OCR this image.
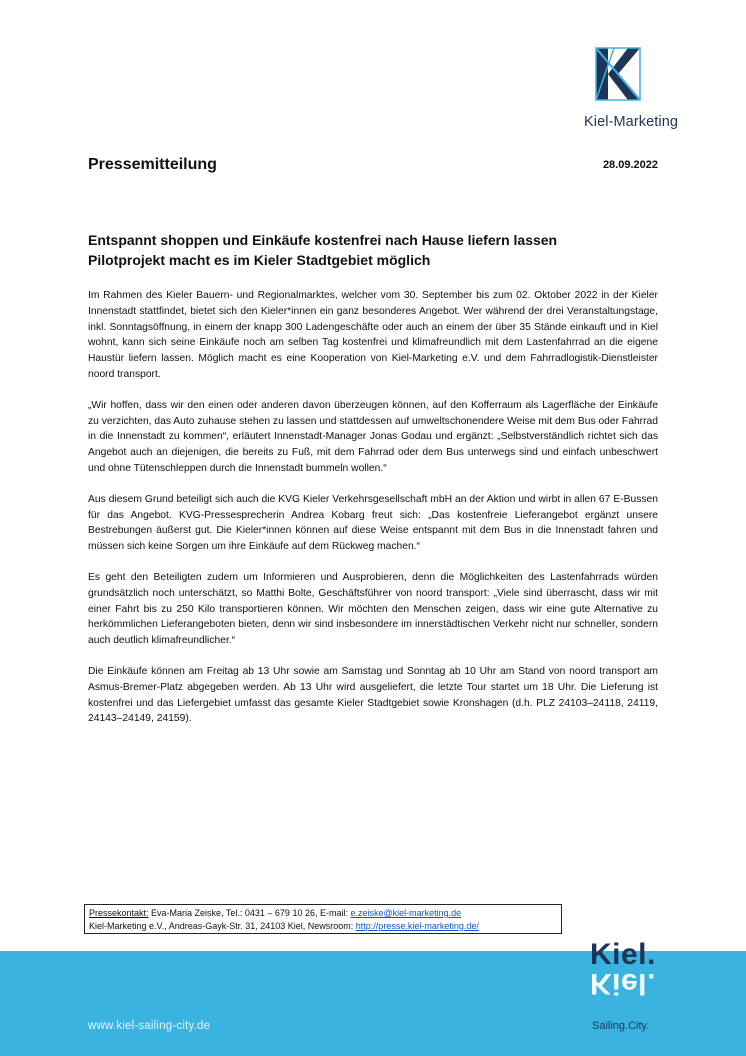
Kiel-Marketing
Pressemitteilung	28.09.2022
Entspannt shoppen und Einkäufe kostenfrei nach Hause liefern lassen
Pilotprojekt macht es im Kieler Stadtgebiet möglich

Im Rahmen des Kieler Bauern- und Regionalmarktes, welcher vom 30. September bis zum 02. Oktober 2022 in der Kieler Innenstadt stattfindet, bietet sich den Kieler*innen ein ganz besonderes Angebot. Wer während der drei Veranstaltungstage, inkl. Sonntagsöffnung, in einem der knapp 300 Ladengeschäfte oder auch an einem der über 35 Stände einkauft und in Kiel wohnt, kann sich seine Einkäufe noch am selben Tag kostenfrei und klimafreundlich mit dem Lastenfahrrad an die eigene Haustür liefern lassen. Möglich macht es eine Kooperation von Kiel-Marketing e.V. und dem Fahrradlogistik-Dienstleister noord transport.

„Wir hoffen, dass wir den einen oder anderen davon überzeugen können, auf den Kofferraum als Lagerfläche der Einkäufe zu verzichten, das Auto zuhause stehen zu lassen und stattdessen auf umweltschonendere Weise mit dem Bus oder Fahrrad in die Innenstadt zu kommen“, erläutert Innenstadt-Manager Jonas Godau und ergänzt: „Selbstverständlich richtet sich das Angebot auch an diejenigen, die bereits zu Fuß, mit dem Fahrrad oder dem Bus unterwegs sind und einfach unbeschwert und ohne Tütenschleppen durch die Innenstadt bummeln wollen.“

Aus diesem Grund beteiligt sich auch die KVG Kieler Verkehrsgesellschaft mbH an der Aktion und wirbt in allen 67 E-Bussen für das Angebot. KVG-Pressesprecherin Andrea Kobarg freut sich: „Das kostenfreie Lieferangebot ergänzt unsere Bestrebungen äußerst gut. Die Kieler*innen können auf diese Weise entspannt mit dem Bus in die Innenstadt fahren und müssen sich keine Sorgen um ihre Einkäufe auf dem Rückweg machen.“

Es geht den Beteiligten zudem um Informieren und Ausprobieren, denn die Möglichkeiten des Lastenfahrrads würden grundsätzlich noch unterschätzt, so Matthi Bolte, Geschäftsführer von noord transport: „Viele sind überrascht, dass wir mit einer Fahrt bis zu 250 Kilo transportieren können. Wir möchten den Menschen zeigen, dass wir eine gute Alternative zu herkömmlichen Lieferangeboten bieten, denn wir sind insbesondere im innerstädtischen Verkehr nicht nur schneller, sondern auch deutlich klimafreundlicher.“

Die Einkäufe können am Freitag ab 13 Uhr sowie am Samstag und Sonntag ab 10 Uhr am Stand von noord transport am Asmus-Bremer-Platz abgegeben werden. Ab 13 Uhr wird ausgeliefert, die letzte Tour startet um 18 Uhr. Die Lieferung ist kostenfrei und das Liefergebiet umfasst das gesamte Kieler Stadtgebiet sowie Kronshagen (d.h. PLZ 24103–24118, 24119, 24143–24149, 24159).

Pressekontakt: Eva-Maria Zeiske, Tel.: 0431 – 679 10 26, E-mail: e.zeiske@kiel-marketing.de
Kiel-Marketing e.V., Andreas-Gayk-Str. 31, 24103 Kiel, Newsroom: http://presse.kiel-marketing.de/
www.kiel-sailing-city.de
Kiel.
Kiel.
Sailing.City.
